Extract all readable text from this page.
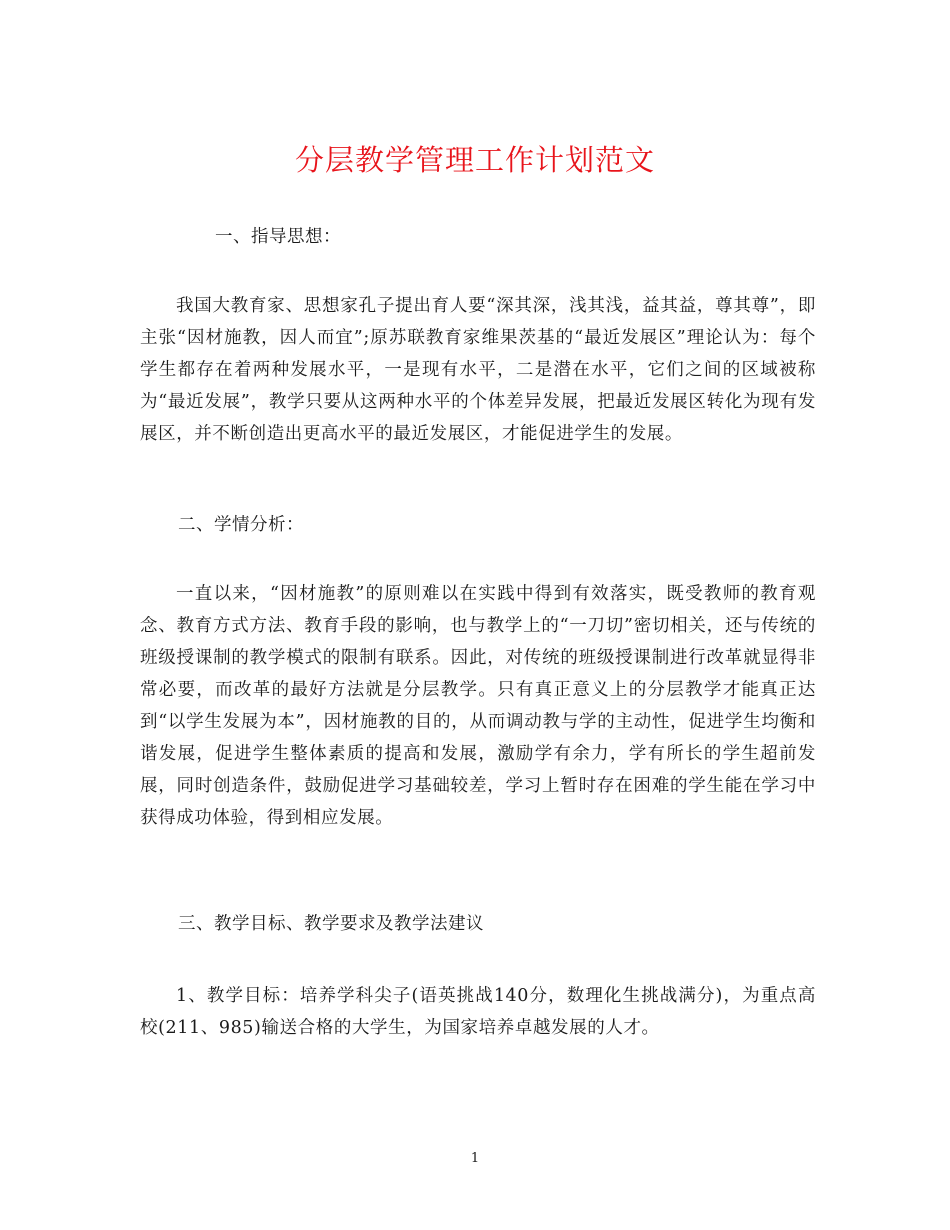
分层教学管理工作计划范文
一、指导思想：

我国大教育家、思想家孔子提出育人要“深其深，浅其浅，益其益，尊其尊”，即主张“因材施教，因人而宜”;原苏联教育家维果茨基的“最近发展区”理论认为：每个学生都存在着两种发展水平，一是现有水平，二是潜在水平，它们之间的区域被称为“最近发展”，教学只要从这两种水平的个体差异发展，把最近发展区转化为现有发展区，并不断创造出更高水平的最近发展区，才能促进学生的发展。

二、学情分析：

一直以来，“因材施教”的原则难以在实践中得到有效落实，既受教师的教育观念、教育方式方法、教育手段的影响，也与教学上的“一刀切”密切相关，还与传统的班级授课制的教学模式的限制有联系。因此，对传统的班级授课制进行改革就显得非常必要，而改革的最好方法就是分层教学。只有真正意义上的分层教学才能真正达到“以学生发展为本”，因材施教的目的，从而调动教与学的主动性，促进学生均衡和谐发展，促进学生整体素质的提高和发展，激励学有余力，学有所长的学生超前发展，同时创造条件，鼓励促进学习基础较差，学习上暂时存在困难的学生能在学习中获得成功体验，得到相应发展。

三、教学目标、教学要求及教学法建议

1、教学目标：培养学科尖子(语英挑战140分，数理化生挑战满分)，为重点高校(211、985)输送合格的大学生，为国家培养卓越发展的人才。

1
